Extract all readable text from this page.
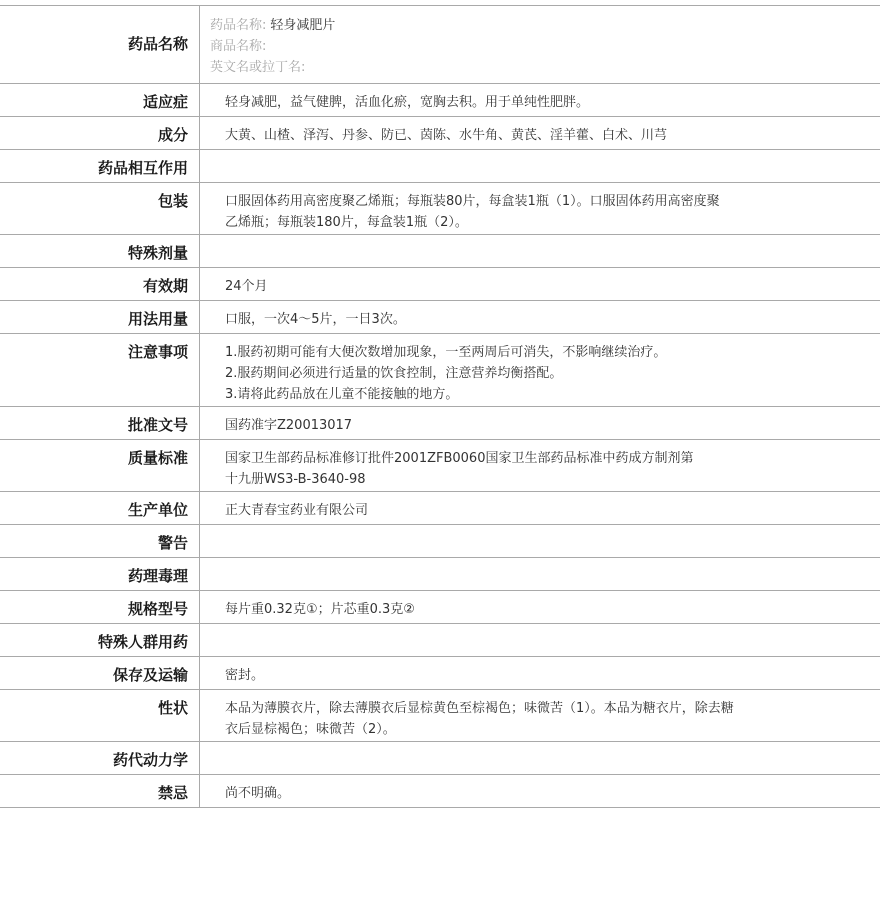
药品名称
药品名称: 轻身减肥片
商品名称:
英文名或拉丁名:
适应症	轻身减肥，益气健脾，活血化瘀，宽胸去积。用于单纯性肥胖。
成分	大黄、山楂、泽泻、丹参、防已、茵陈、水牛角、黄芪、淫羊藿、白术、川芎
药品相互作用
包装	口服固体药用高密度聚乙烯瓶；每瓶装80片，每盒装1瓶（1）。口服固体药用高密度聚
乙烯瓶；每瓶装180片，每盒装1瓶（2）。
特殊剂量
有效期	24个月
用法用量	口服，一次4～5片，一日3次。
注意事项	1.服药初期可能有大便次数增加现象，一至两周后可消失，不影响继续治疗。
2.服药期间必须进行适量的饮食控制，注意营养均衡搭配。
3.请将此药品放在儿童不能接触的地方。
批准文号	国药准字Z20013017
质量标准	国家卫生部药品标准修订批件2001ZFB0060国家卫生部药品标准中药成方制剂第
十九册WS3-B-3640-98
生产单位	正大青春宝药业有限公司
警告
药理毒理
规格型号	每片重0.32克①；片芯重0.3克②
特殊人群用药
保存及运输	密封。
性状	本品为薄膜衣片，除去薄膜衣后显棕黄色至棕褐色；味微苦（1）。本品为糖衣片，除去糖
衣后显棕褐色；味微苦（2）。
药代动力学
禁忌	尚不明确。
